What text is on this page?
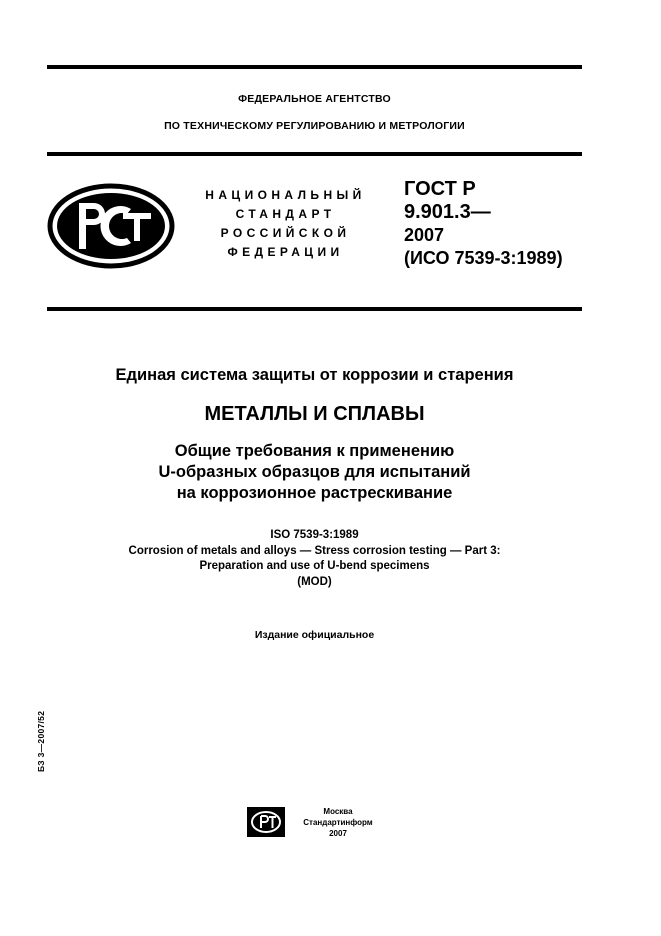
ФЕДЕРАЛЬНОЕ АГЕНТСТВО
ПО ТЕХНИЧЕСКОМУ РЕГУЛИРОВАНИЮ И МЕТРОЛОГИИ
НАЦИОНАЛЬНЫЙ
СТАНДАРТ
РОССИЙСКОЙ
ФЕДЕРАЦИИ
ГОСТ Р
9.901.3—
2007
(ИСО 7539-3:1989)
Единая система защиты от коррозии и старения
МЕТАЛЛЫ И СПЛАВЫ
Общие требования к применению
U-образных образцов для испытаний
на коррозионное растрескивание
ISO 7539-3:1989
Corrosion of metals and alloys — Stress corrosion testing — Part 3:
Preparation and use of U-bend specimens
(MOD)
Издание официальное
БЗ 3—2007/52
Москва
Стандартинформ
2007
